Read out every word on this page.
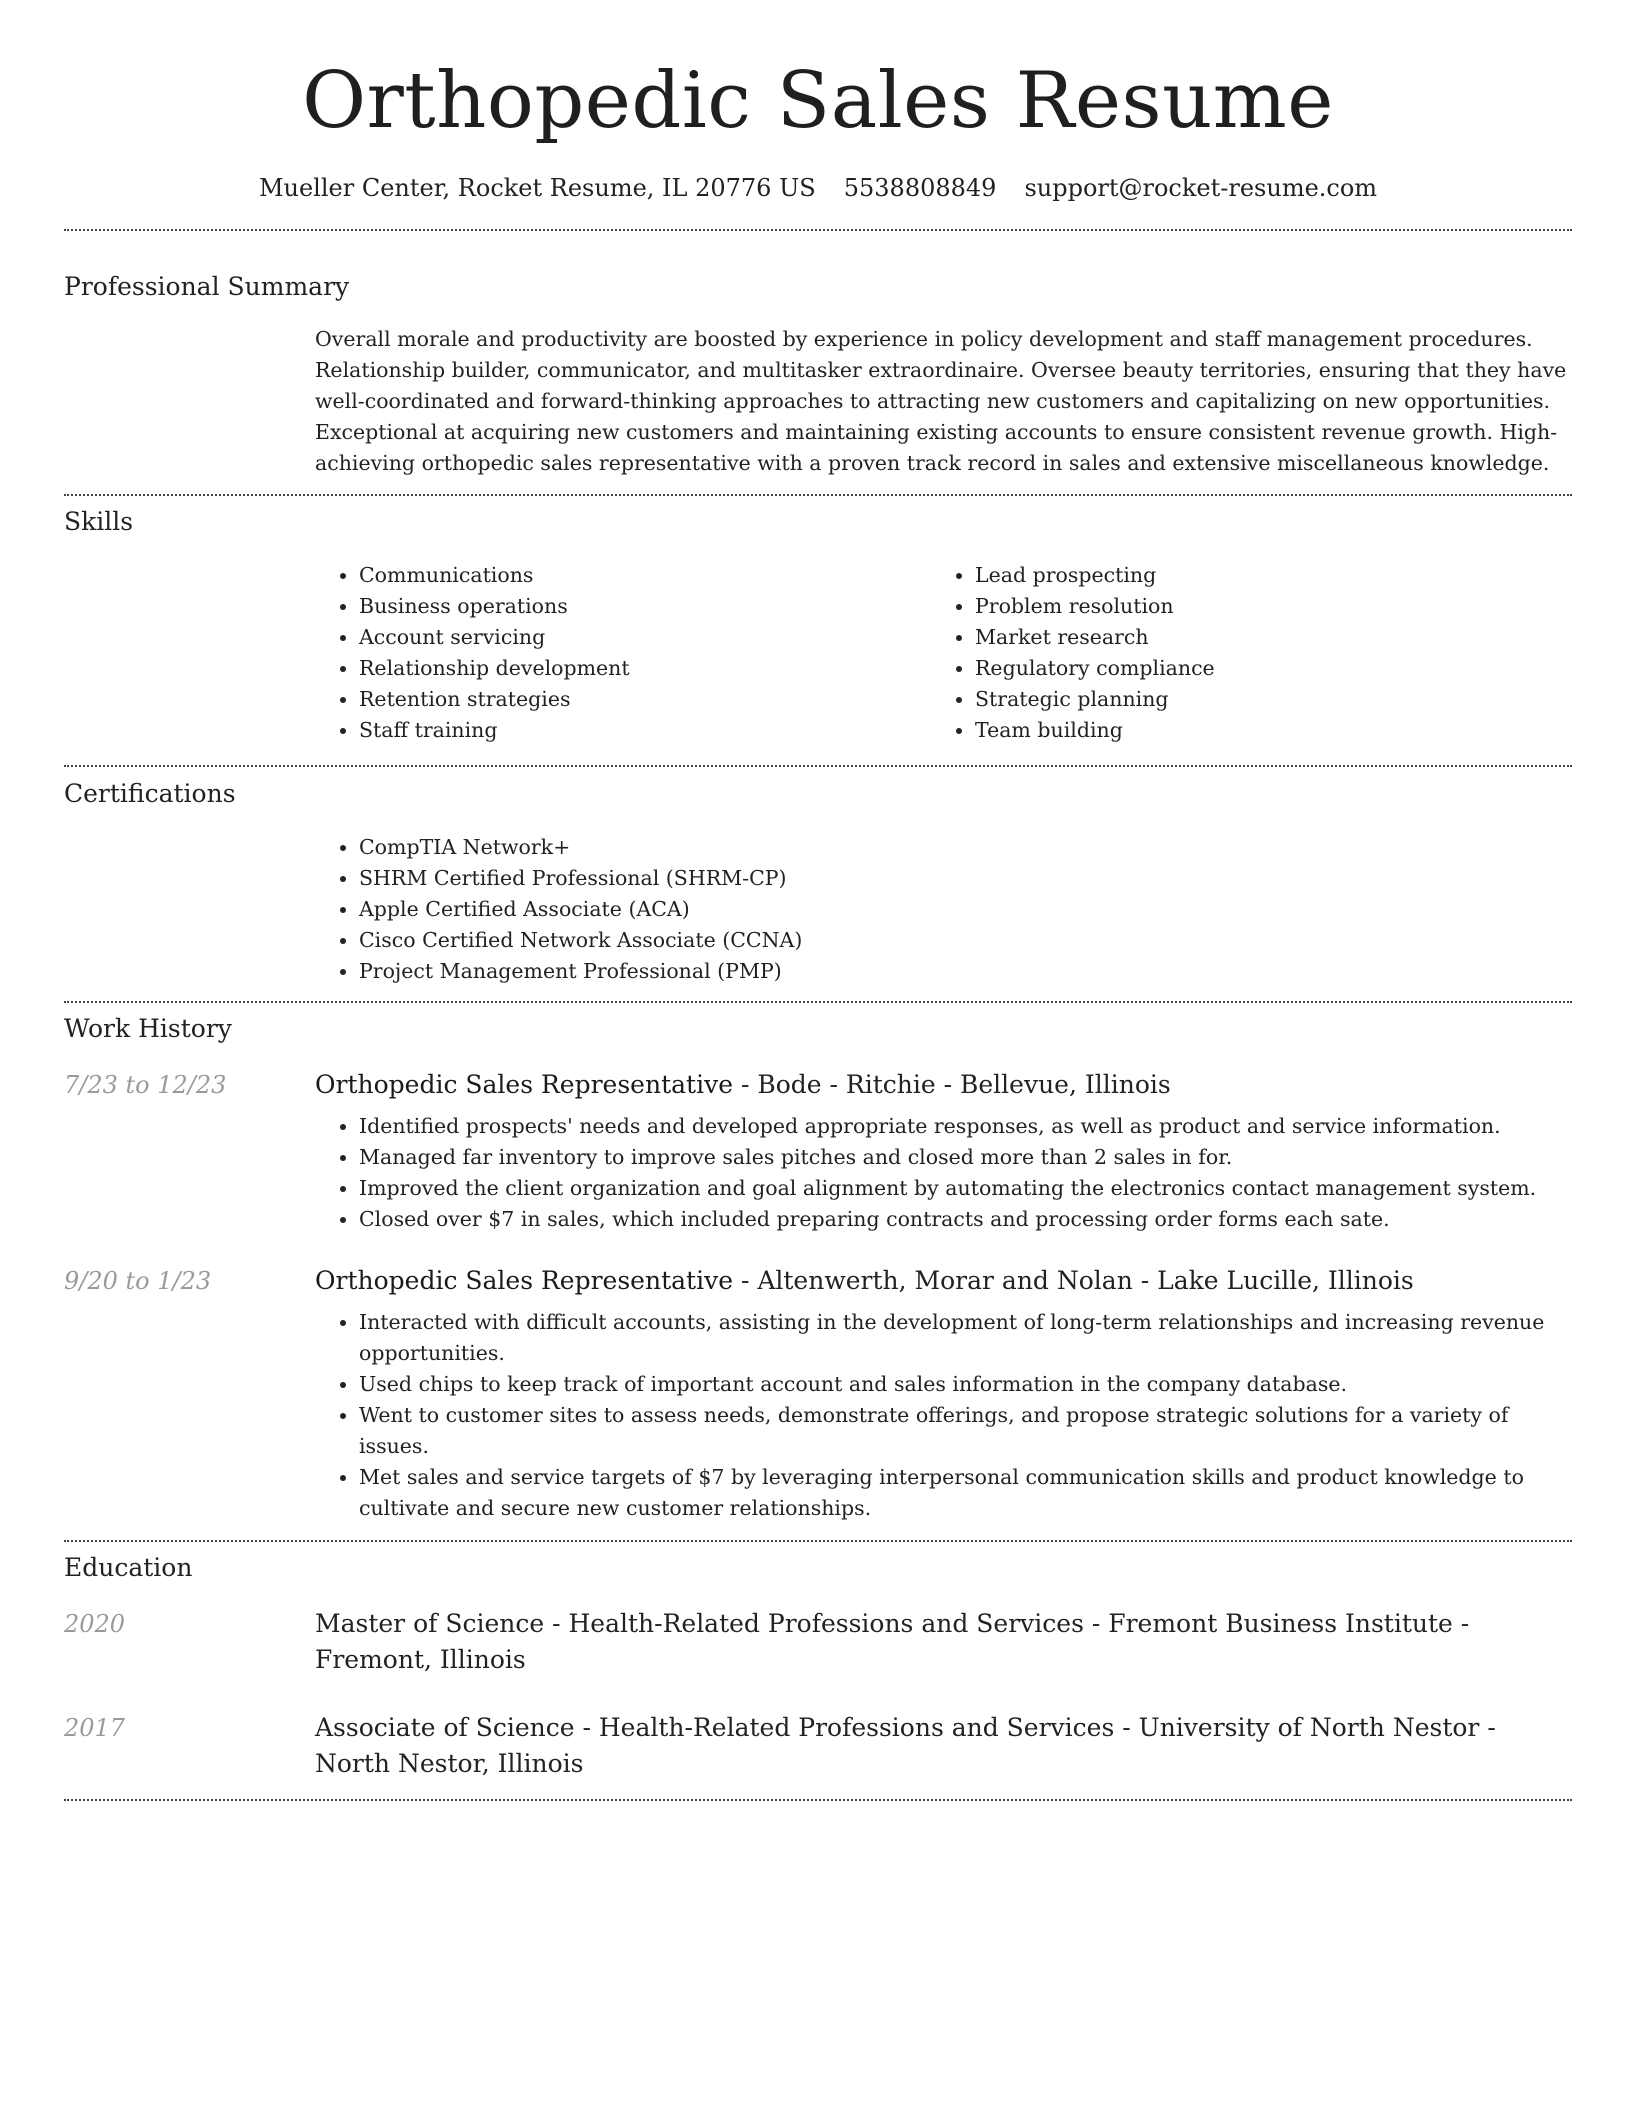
Orthopedic Sales Resume
Mueller Center, Rocket Resume, IL 20776 US 5538808849 support@rocket-resume.com
Professional Summary
Overall morale and productivity are boosted by experience in policy development and staff management procedures. Relationship builder, communicator, and multitasker extraordinaire. Oversee beauty territories, ensuring that they have well-coordinated and forward-thinking approaches to attracting new customers and capitalizing on new opportunities. Exceptional at acquiring new customers and maintaining existing accounts to ensure consistent revenue growth. High-achieving orthopedic sales representative with a proven track record in sales and extensive miscellaneous knowledge.
Skills
• Communications
• Business operations
• Account servicing
• Relationship development
• Retention strategies
• Staff training
• Lead prospecting
• Problem resolution
• Market research
• Regulatory compliance
• Strategic planning
• Team building
Certifications
• CompTIA Network+
• SHRM Certified Professional (SHRM-CP)
• Apple Certified Associate (ACA)
• Cisco Certified Network Associate (CCNA)
• Project Management Professional (PMP)
Work History
7/23 to 12/23	Orthopedic Sales Representative - Bode - Ritchie - Bellevue, Illinois
• Identified prospects' needs and developed appropriate responses, as well as product and service information.
• Managed far inventory to improve sales pitches and closed more than 2 sales in for.
• Improved the client organization and goal alignment by automating the electronics contact management system.
• Closed over $7 in sales, which included preparing contracts and processing order forms each sate.
9/20 to 1/23	Orthopedic Sales Representative - Altenwerth, Morar and Nolan - Lake Lucille, Illinois
• Interacted with difficult accounts, assisting in the development of long-term relationships and increasing revenue opportunities.
• Used chips to keep track of important account and sales information in the company database.
• Went to customer sites to assess needs, demonstrate offerings, and propose strategic solutions for a variety of issues.
• Met sales and service targets of $7 by leveraging interpersonal communication skills and product knowledge to cultivate and secure new customer relationships.
Education
2020	Master of Science - Health-Related Professions and Services - Fremont Business Institute - Fremont, Illinois
2017	Associate of Science - Health-Related Professions and Services - University of North Nestor - North Nestor, Illinois
